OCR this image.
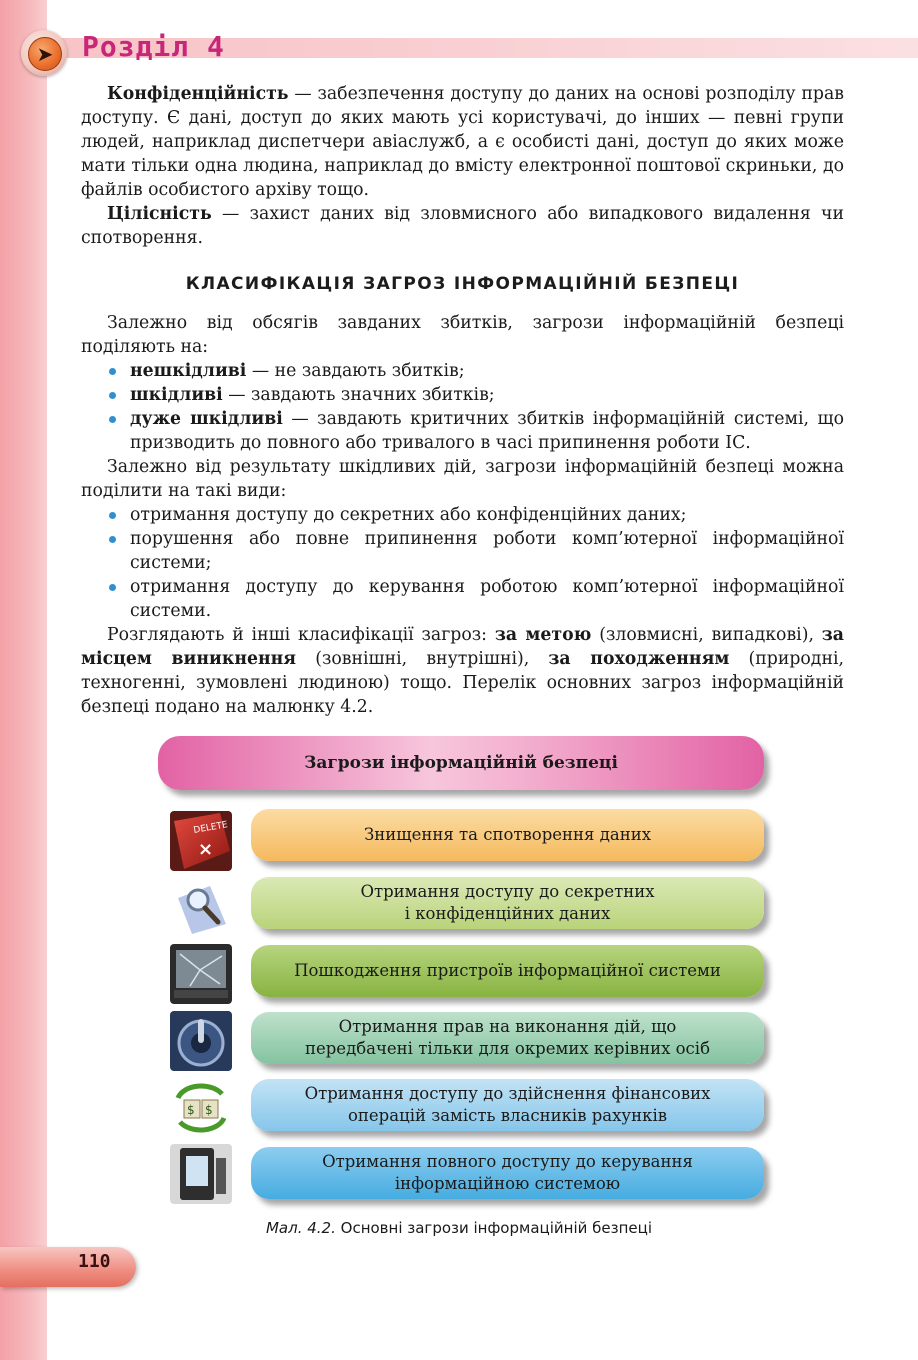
➤	Розділ 4

Конфіденційність — забезпечення доступу до даних на основі розподілу прав доступу. Є дані, доступ до яких мають усі користувачі, до інших — певні групи людей, наприклад диспетчери авіаслужб, а є особисті дані, доступ до яких може мати тільки одна людина, наприклад до вмісту електронної поштової скриньки, до файлів особистого архіву тощо.

Цілісність — захист даних від зловмисного або випадкового видалення чи спотворення.

КЛАСИФІКАЦІЯ ЗАГРОЗ ІНФОРМАЦІЙНІЙ БЕЗПЕЦІ

Залежно від обсягів завданих збитків, загрози інформаційній безпеці поділяють на:

нешкідливі — не завдають збитків;
шкідливі — завдають значних збитків;
дуже шкідливі — завдають критичних збитків інформаційній системі, що призводить до повного або тривалого в часі припинення роботи ІС.

Залежно від результату шкідливих дій, загрози інформаційній безпеці можна поділити на такі види:

отримання доступу до секретних або конфіденційних даних;
порушення або повне припинення роботи комп’ютерної інформаційної системи;
отримання доступу до керування роботою комп’ютерної інформаційної системи.

Розглядають й інші класифікації загроз: за метою (зловмисні, випадкові), за місцем виникнення (зовнішні, внутрішні), за походженням (природні, техногенні, зумовлені людиною) тощо. Перелік основних загроз інформаційній безпеці подано на малюнку 4.2.

Загрози інформаційній безпеці
DELETE
×
$ $
Знищення та спотворення даних
Отримання доступу до секретних
і конфіденційних даних
Пошкодження пристроїв інформаційної системи
Отримання прав на виконання дій, що
передбачені тільки для окремих керівних осіб
Отримання доступу до здійснення фінансових
операцій замість власників рахунків
Отримання повного доступу до керування
інформаційною системою
Мал. 4.2. Основні загрози інформаційній безпеці
110
